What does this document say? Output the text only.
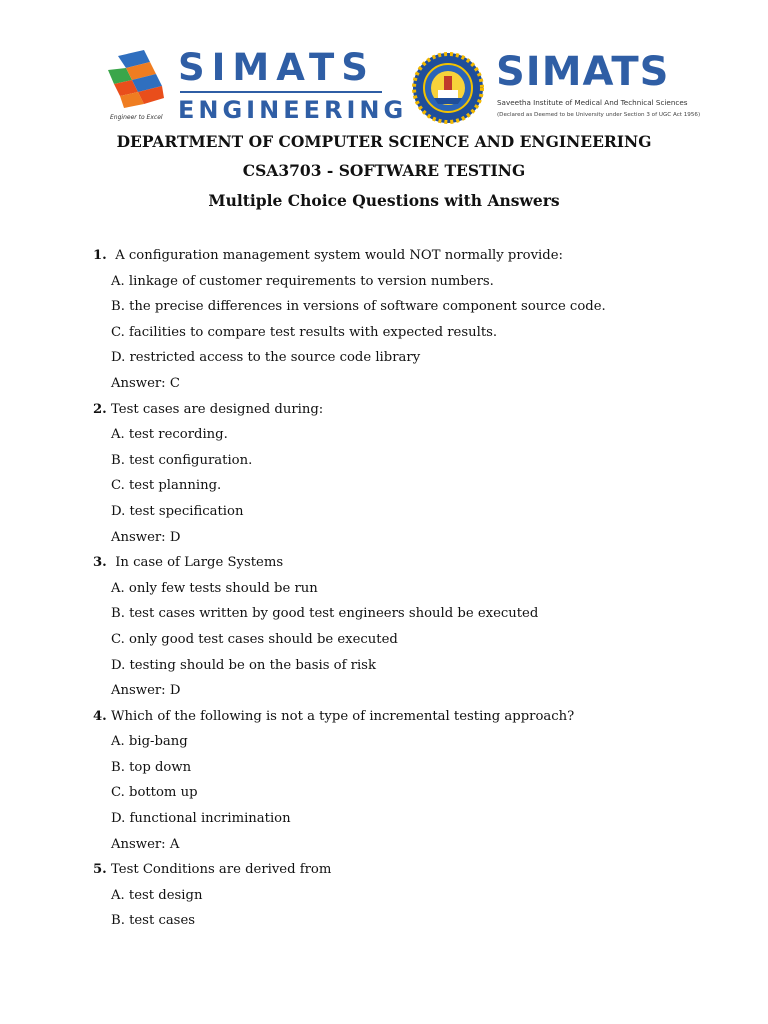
Engineer to Excel
SIMATS
ENGINEERING
SIMATS
Saveetha Institute of Medical And Technical Sciences
(Declared as Deemed to be University under Section 3 of UGC Act 1956)
DEPARTMENT OF COMPUTER SCIENCE AND ENGINEERING
CSA3703 - SOFTWARE TESTING
Multiple Choice Questions with Answers
1. A configuration management system would NOT normally provide:
A. linkage of customer requirements to version numbers.
B. the precise differences in versions of software component source code.
C. facilities to compare test results with expected results.
D. restricted access to the source code library
Answer: C
2. Test cases are designed during:
A. test recording.
B. test configuration.
C. test planning.
D. test specification
Answer: D
3. In case of Large Systems
A. only few tests should be run
B. test cases written by good test engineers should be executed
C. only good test cases should be executed
D. testing should be on the basis of risk
Answer: D
4. Which of the following is not a type of incremental testing approach?
A. big-bang
B. top down
C. bottom up
D. functional incrimination
Answer: A
5. Test Conditions are derived from
A. test design
B. test cases
